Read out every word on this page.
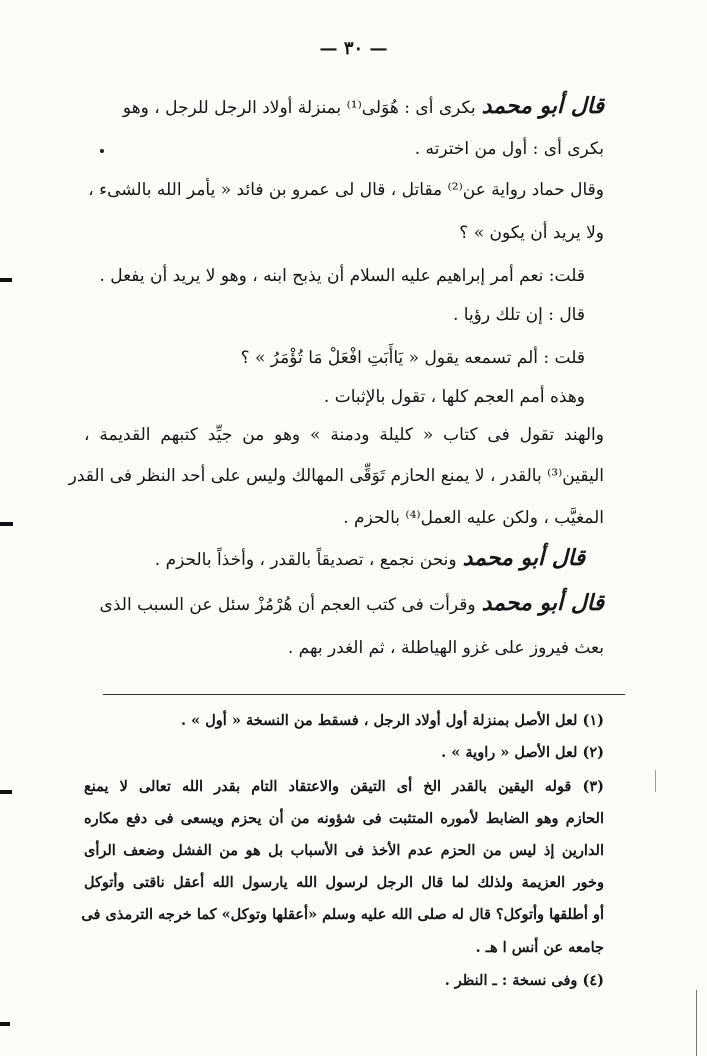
— ٣٠ —
قال أبو محمدبكرى أى : هُوَلى⁽¹⁾ بمنزلة أولاد الرجل للرجل ، وهو
بكرى أى : أول من اخترته .
وقال حماد رواية عن⁽²⁾ مقاتل ، قال لى عمرو بن فائد « يأمر الله بالشىء ،
ولا يريد أن يكون » ؟
قلت: نعم أمر إبراهيم عليه السلام أن يذبح ابنه ، وهو لا يريد أن يفعل .
قال : إن تلك رؤيا .
قلت : ألم تسمعه يقول « يَاأَبَتِ افْعَلْ مَا تُؤْمَرُ » ؟
وهذه أمم العجم كلها ، تقول بالإثبات .
والهند تقول فى كتاب « كليلة ودمنة » وهو من جيِّد كتبهم القديمة ،
اليقين⁽³⁾ بالقدر ، لا يمنع الحازم تَوَقِّى المهالك وليس على أحد النظر فى القدر
المغيَّب ، ولكن عليه العمل⁽⁴⁾ بالحزم .
قال أبو محمدونحن نجمع ، تصديقاً بالقدر ، وأخذاً بالحزم .
قال أبو محمدوقرأت فى كتب العجم أن هُرْمُزْ سئل عن السبب الذى
بعث فيروز على غزو الهياطلة ، ثم الغدر بهم .
(١) لعل الأصل بمنزلة أول أولاد الرجل ، فسقط من النسخة « أول » .
(٢) لعل الأصل « راوية » .
(٣) قوله اليقين بالقدر الخ أى التيقن والاعتقاد التام بقدر الله تعالى لا يمنع
الحازم وهو الضابط لأموره المتثبت فى شؤونه من أن يحزم ويسعى فى دفع مكاره
الدارين إذ ليس من الحزم عدم الأخذ فى الأسباب بل هو من الفشل وضعف الرأى
وخور العزيمة ولذلك لما قال الرجل لرسول الله يارسول الله أعقل ناقتى وأتوكل
أو أطلقها وأتوكل؟ قال له صلى الله عليه وسلم «أعقلها وتوكل» كما خرجه الترمذى فى
جامعه عن أنس ا هـ .
(٤) وفى نسخة : ـ النظر .
